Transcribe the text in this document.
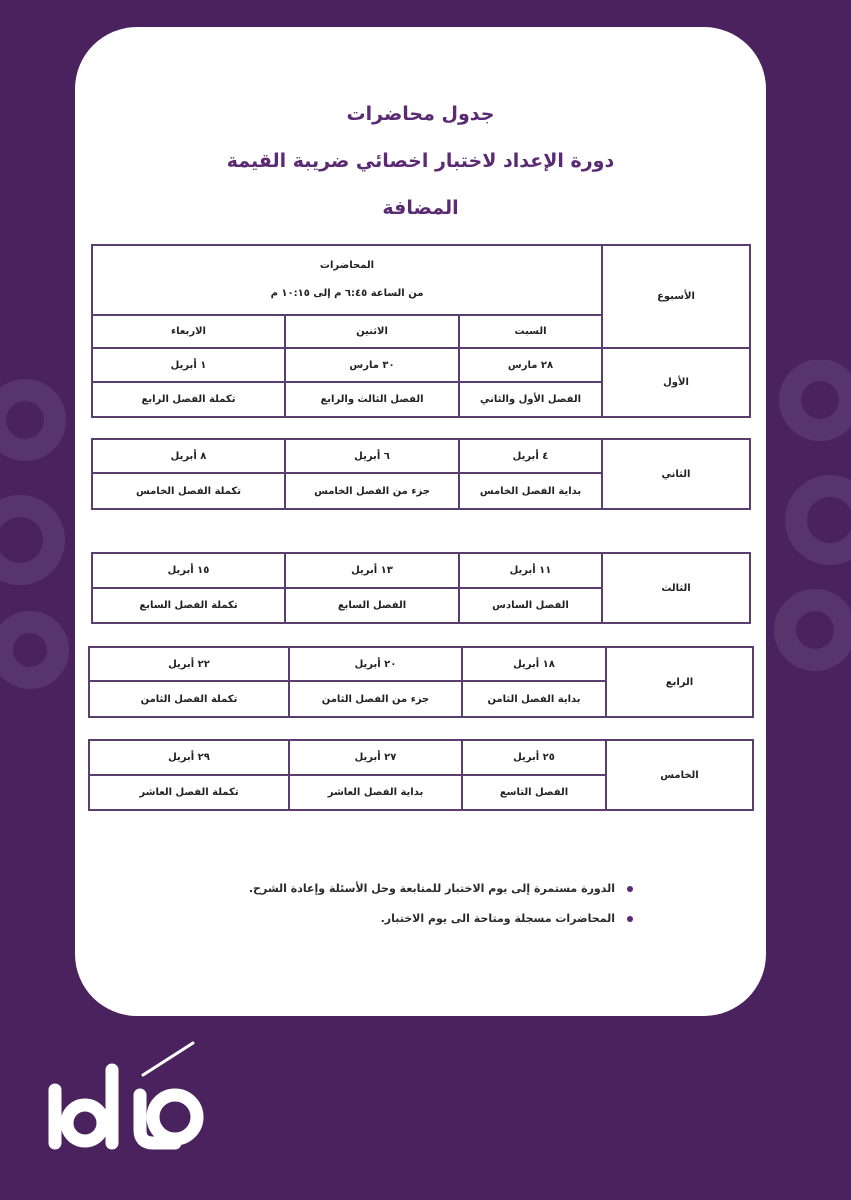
جدول محاضرات
دورة الإعداد لاختبار اخصائي ضريبة القيمة
المضافة
المحاضرات
من الساعة ٦:٤٥ م إلى ١٠:١٥ م			الأسبوع
الاربعاء	الاثنين	السبت	
١ أبريل	٣٠ مارس	٢٨ مارس	الأول
تكملة الفصل الرابع	الفصل الثالث والرابع	الفصل الأول والثاني	
٨ أبريل	٦ أبريل	٤ أبريل	الثاني
تكملة الفصل الخامس	جزء من الفصل الخامس	بداية الفصل الخامس	
١٥ أبريل	١٣ أبريل	١١ أبريل	الثالث
تكملة الفصل السابع	الفصل السابع	الفصل السادس	
٢٢ أبريل	٢٠ أبريل	١٨ أبريل	الرابع
تكملة الفصل الثامن	جزء من الفصل الثامن	بداية الفصل الثامن	
٢٩ أبريل	٢٧ أبريل	٢٥ أبريل	الخامس
تكملة الفصل العاشر	بداية الفصل العاشر	الفصل التاسع	
الدورة مستمرة إلى يوم الاختبار للمتابعة وحل الأسئلة وإعادة الشرح.
المحاضرات مسجلة ومتاحة الى يوم الاختبار.
